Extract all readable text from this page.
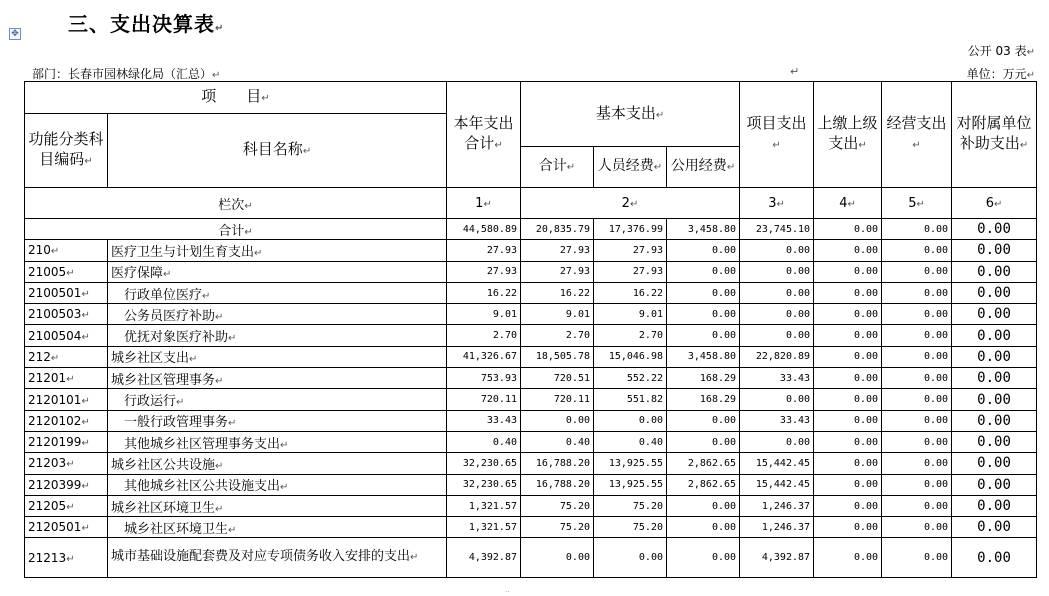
三、支出决算表↵
✥
公开 03 表↵
部门：长春市园林绿化局（汇总）↵	↵	单位：万元↵
项　　目↵		本年支出合计↵	基本支出↵			项目支出↵	上缴上级支出↵	经营支出↵	对附属单位补助支出↵
功能分类科目编码↵	科目名称↵								
			合计↵	人员经费↵	公用经费↵				
栏次↵		1↵	2↵			3↵	4↵	5↵	6↵
合计↵		44,580.89	20,835.79	17,376.99	3,458.80	23,745.10	0.00	0.00	0.00
210↵	医疗卫生与计划生育支出↵	27.93	27.93	27.93	0.00	0.00	0.00	0.00	0.00
21005↵	医疗保障↵	27.93	27.93	27.93	0.00	0.00	0.00	0.00	0.00
2100501↵	行政单位医疗↵	16.22	16.22	16.22	0.00	0.00	0.00	0.00	0.00
2100503↵	公务员医疗补助↵	9.01	9.01	9.01	0.00	0.00	0.00	0.00	0.00
2100504↵	优抚对象医疗补助↵	2.70	2.70	2.70	0.00	0.00	0.00	0.00	0.00
212↵	城乡社区支出↵	41,326.67	18,505.78	15,046.98	3,458.80	22,820.89	0.00	0.00	0.00
21201↵	城乡社区管理事务↵	753.93	720.51	552.22	168.29	33.43	0.00	0.00	0.00
2120101↵	行政运行↵	720.11	720.11	551.82	168.29	0.00	0.00	0.00	0.00
2120102↵	一般行政管理事务↵	33.43	0.00	0.00	0.00	33.43	0.00	0.00	0.00
2120199↵	其他城乡社区管理事务支出↵	0.40	0.40	0.40	0.00	0.00	0.00	0.00	0.00
21203↵	城乡社区公共设施↵	32,230.65	16,788.20	13,925.55	2,862.65	15,442.45	0.00	0.00	0.00
2120399↵	其他城乡社区公共设施支出↵	32,230.65	16,788.20	13,925.55	2,862.65	15,442.45	0.00	0.00	0.00
21205↵	城乡社区环境卫生↵	1,321.57	75.20	75.20	0.00	1,246.37	0.00	0.00	0.00
2120501↵	城乡社区环境卫生↵	1,321.57	75.20	75.20	0.00	1,246.37	0.00	0.00	0.00
21213↵	城市基础设施配套费及对应专项债务收入安排的支出↵	4,392.87	0.00	0.00	0.00	4,392.87	0.00	0.00	0.00
··
